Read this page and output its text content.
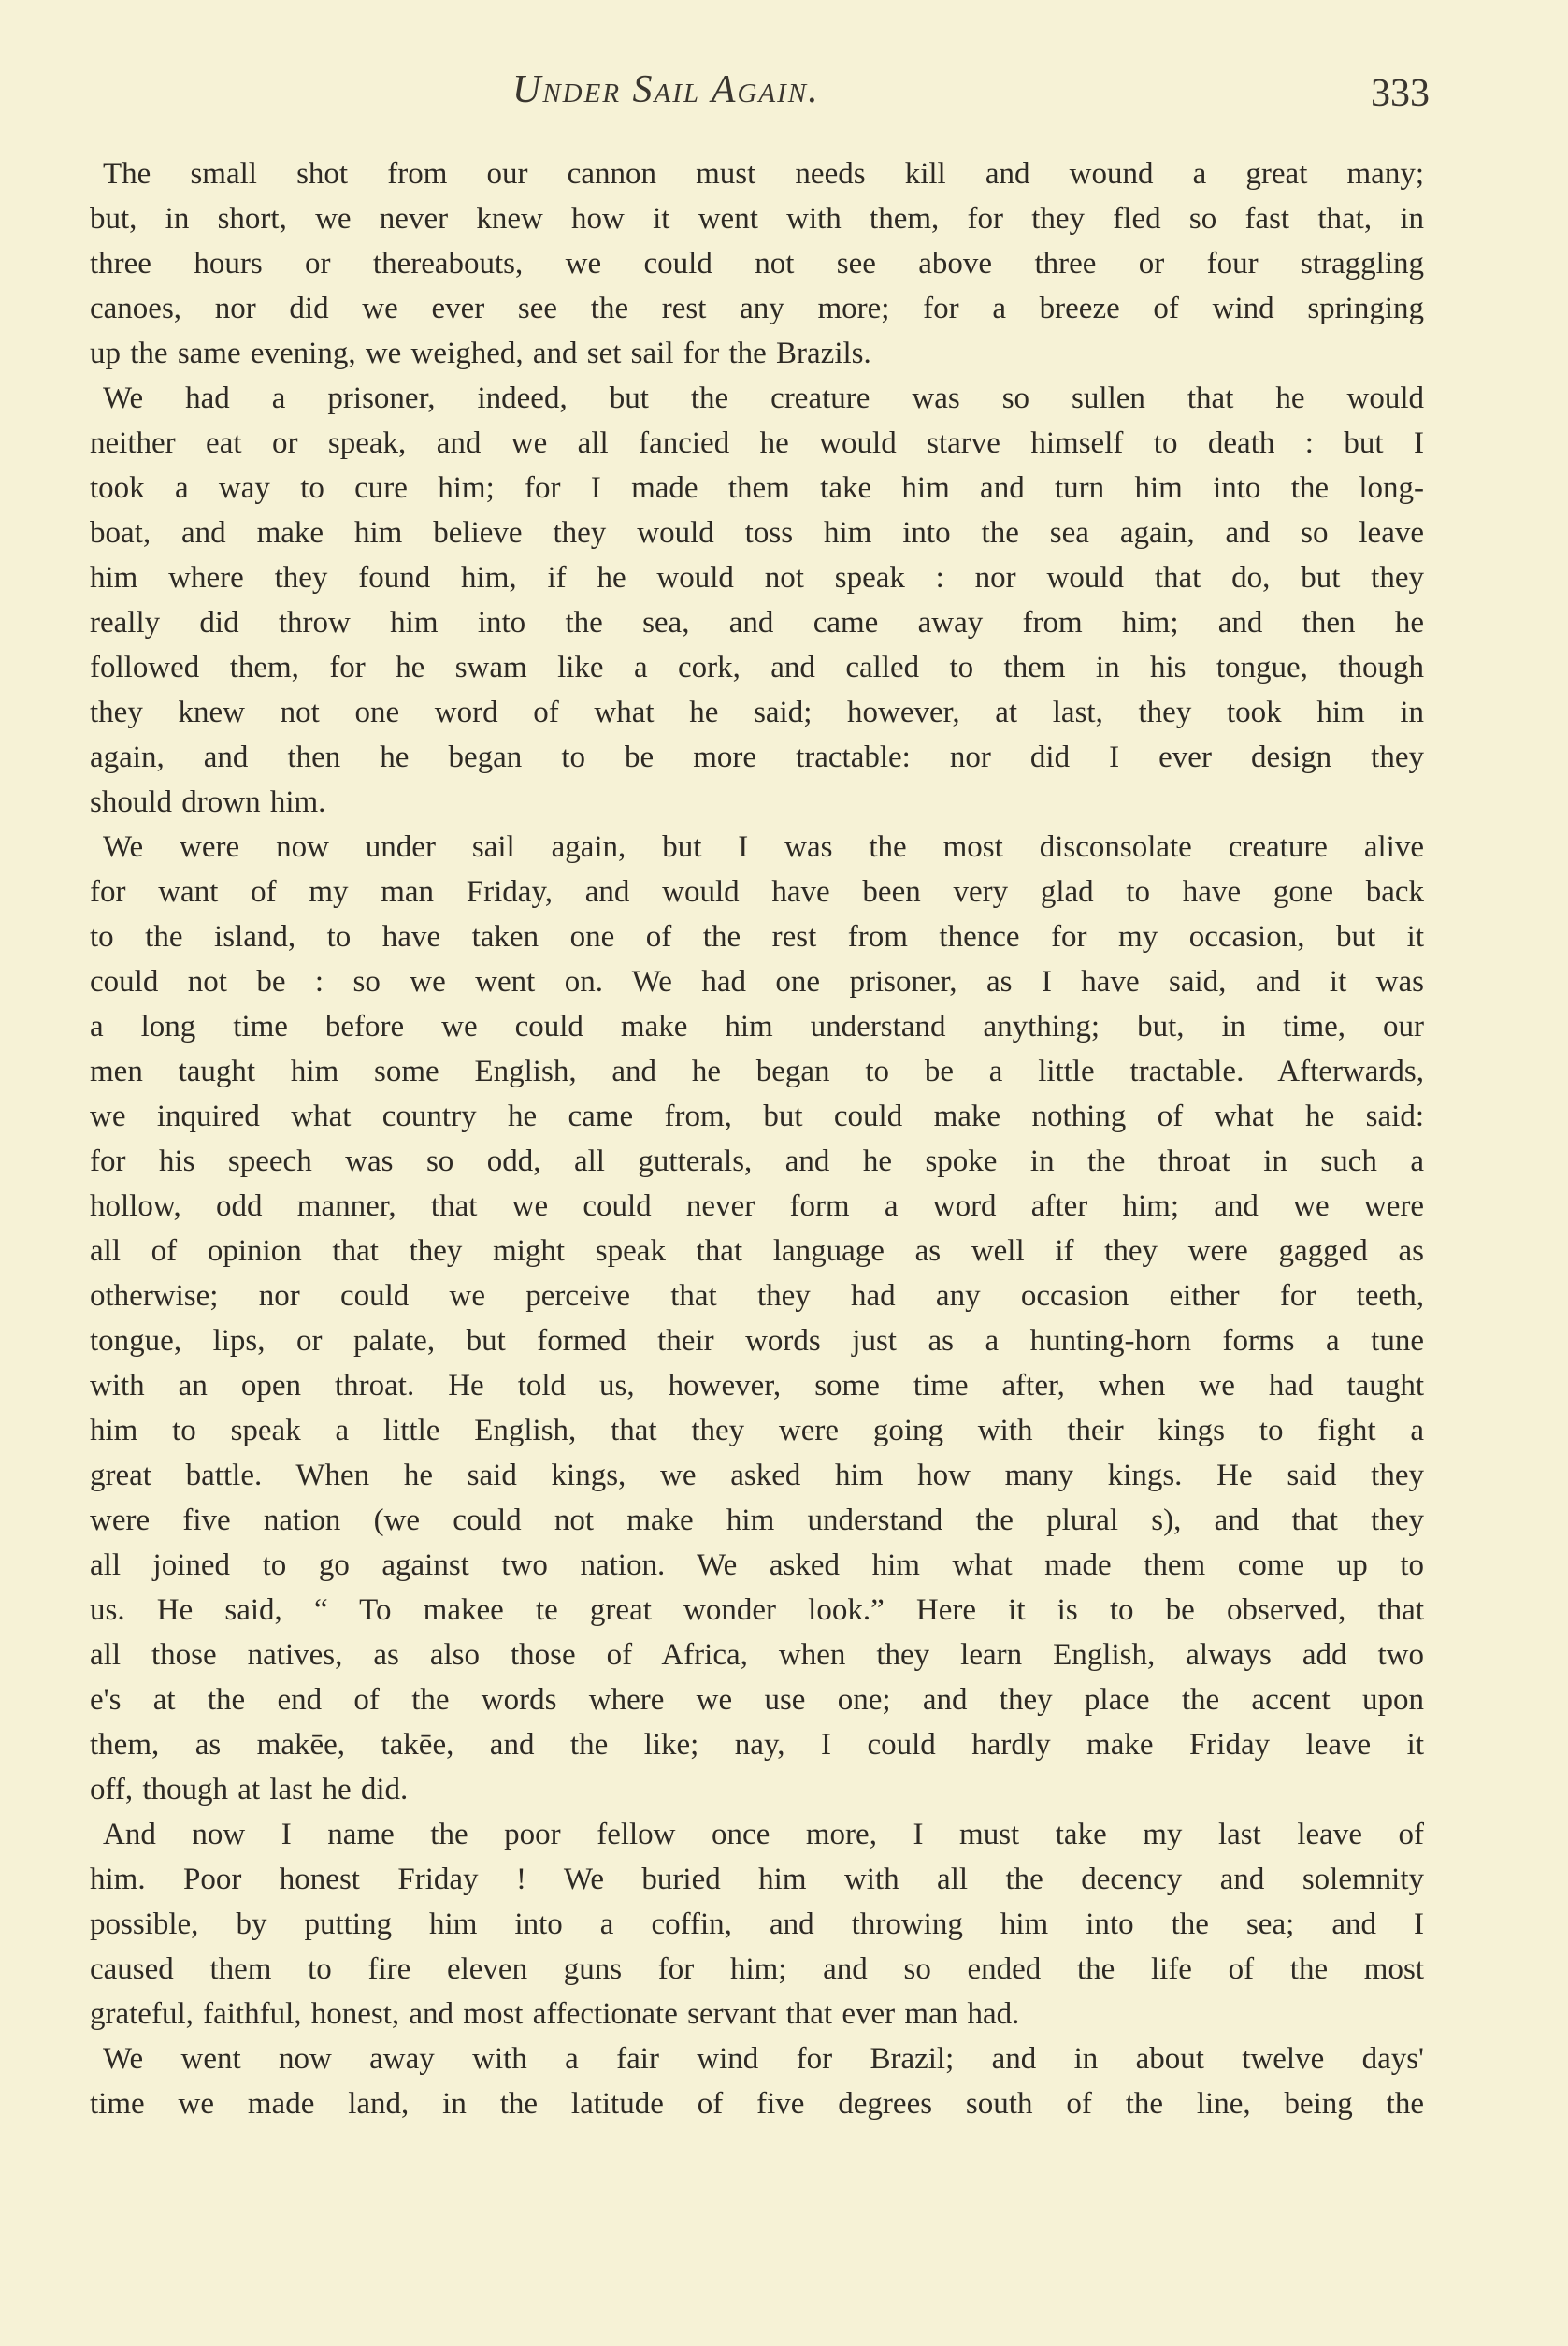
Under Sail Again.	333
The small shot from our cannon must needs kill and wound a great many;
but, in short, we never knew how it went with them, for they fled so fast that, in
three hours or thereabouts, we could not see above three or four straggling
canoes, nor did we ever see the rest any more; for a breeze of wind springing
up the same evening, we weighed, and set sail for the Brazils.
We had a prisoner, indeed, but the creature was so sullen that he would
neither eat or speak, and we all fancied he would starve himself to death : but I
took a way to cure him; for I made them take him and turn him into the long-
boat, and make him believe they would toss him into the sea again, and so leave
him where they found him, if he would not speak : nor would that do, but they
really did throw him into the sea, and came away from him; and then he
followed them, for he swam like a cork, and called to them in his tongue, though
they knew not one word of what he said; however, at last, they took him in
again, and then he began to be more tractable: nor did I ever design they
should drown him.
We were now under sail again, but I was the most disconsolate creature alive
for want of my man Friday, and would have been very glad to have gone back
to the island, to have taken one of the rest from thence for my occasion, but it
could not be : so we went on. We had one prisoner, as I have said, and it was
a long time before we could make him understand anything; but, in time, our
men taught him some English, and he began to be a little tractable. Afterwards,
we inquired what country he came from, but could make nothing of what he said:
for his speech was so odd, all gutterals, and he spoke in the throat in such a
hollow, odd manner, that we could never form a word after him; and we were
all of opinion that they might speak that language as well if they were gagged as
otherwise; nor could we perceive that they had any occasion either for teeth,
tongue, lips, or palate, but formed their words just as a hunting-horn forms a tune
with an open throat. He told us, however, some time after, when we had taught
him to speak a little English, that they were going with their kings to fight a
great battle. When he said kings, we asked him how many kings. He said they
were five nation (we could not make him understand the plural s), and that they
all joined to go against two nation. We asked him what made them come up to
us. He said, “ To makee te great wonder look.” Here it is to be observed, that
all those natives, as also those of Africa, when they learn English, always add two
e's at the end of the words where we use one; and they place the accent upon
them, as makēe, takēe, and the like; nay, I could hardly make Friday leave it
off, though at last he did.
And now I name the poor fellow once more, I must take my last leave of
him. Poor honest Friday ! We buried him with all the decency and solemnity
possible, by putting him into a coffin, and throwing him into the sea; and I
caused them to fire eleven guns for him; and so ended the life of the most
grateful, faithful, honest, and most affectionate servant that ever man had.
We went now away with a fair wind for Brazil; and in about twelve days'
time we made land, in the latitude of five degrees south of the line, being the
